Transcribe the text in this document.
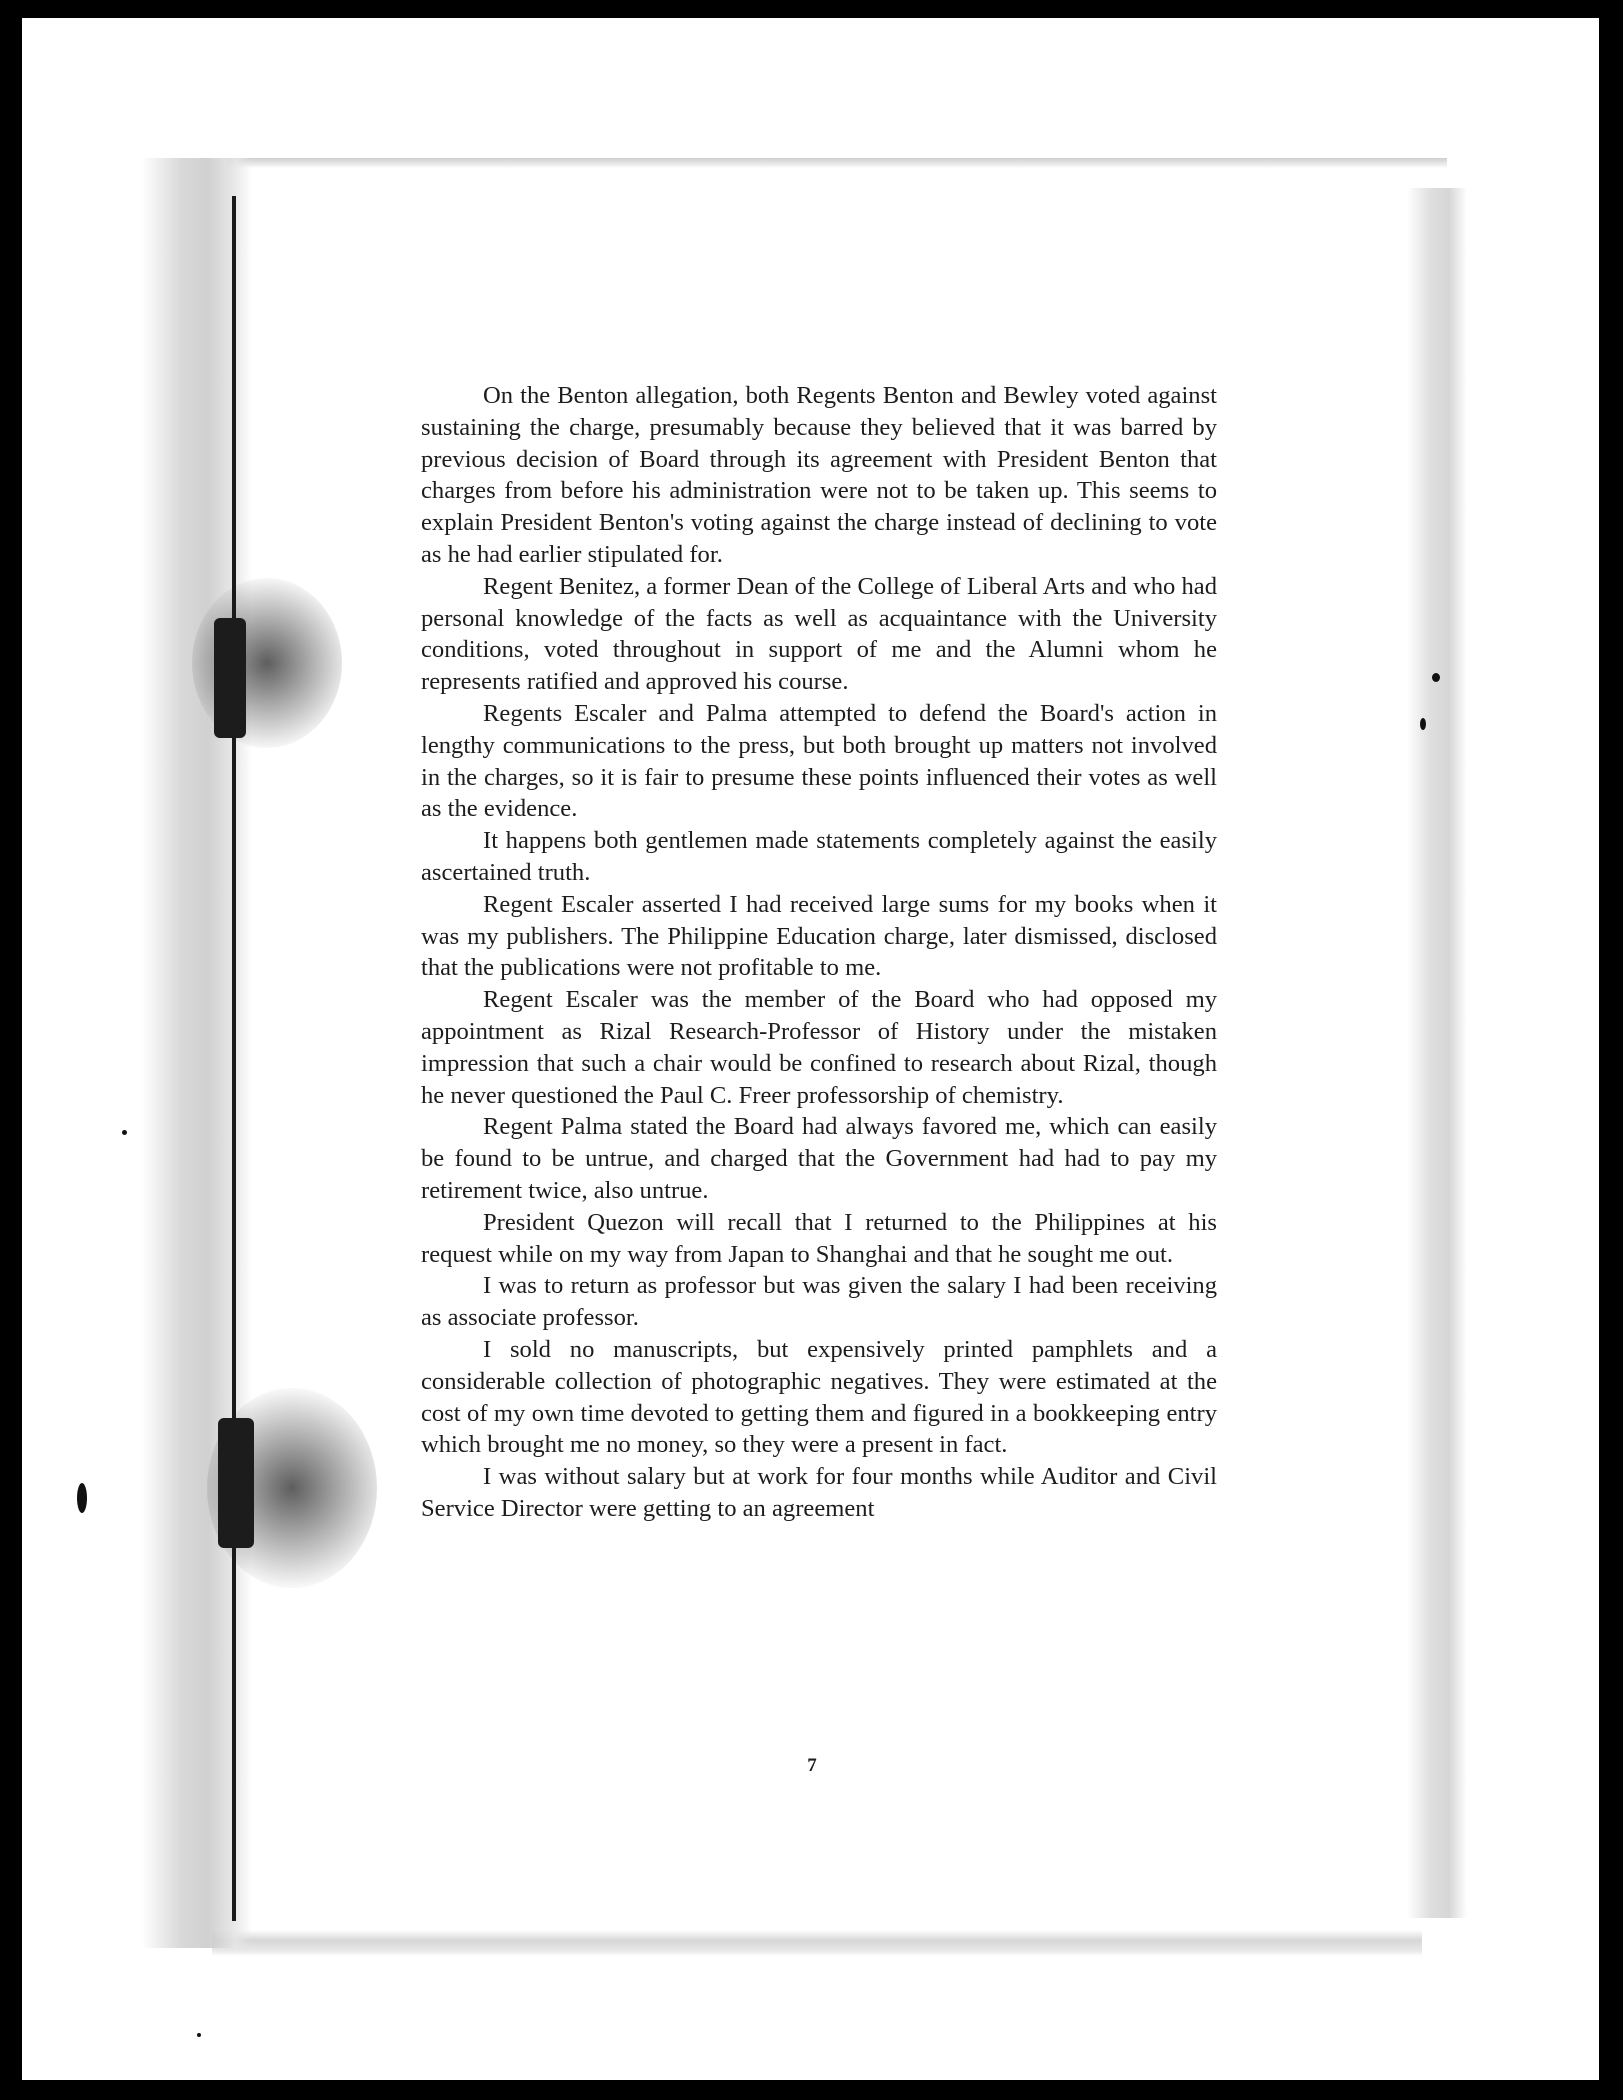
On the Benton allegation, both Regents Benton and Bewley voted against sustaining the charge, presumably because they believed that it was barred by previous decision of Board through its agreement with President Benton that charges from before his administration were not to be taken up. This seems to explain President Benton's voting against the charge instead of declining to vote as he had earlier stipulated for.

Regent Benitez, a former Dean of the College of Liberal Arts and who had personal knowledge of the facts as well as acquaintance with the University conditions, voted throughout in support of me and the Alumni whom he represents ratified and approved his course.

Regents Escaler and Palma attempted to defend the Board's action in lengthy communications to the press, but both brought up matters not involved in the charges, so it is fair to presume these points influenced their votes as well as the evidence.

It happens both gentlemen made statements completely against the easily ascertained truth.

Regent Escaler asserted I had received large sums for my books when it was my publishers. The Philippine Education charge, later dismissed, disclosed that the publications were not profitable to me.

Regent Escaler was the member of the Board who had opposed my appointment as Rizal Research-Professor of History under the mistaken impression that such a chair would be confined to research about Rizal, though he never questioned the Paul C. Freer professorship of chemistry.

Regent Palma stated the Board had always favored me, which can easily be found to be untrue, and charged that the Government had had to pay my retirement twice, also untrue.

President Quezon will recall that I returned to the Philippines at his request while on my way from Japan to Shanghai and that he sought me out.

I was to return as professor but was given the salary I had been receiving as associate professor.

I sold no manuscripts, but expensively printed pamphlets and a considerable collection of photographic negatives. They were estimated at the cost of my own time devoted to getting them and figured in a bookkeeping entry which brought me no money, so they were a present in fact.

I was without salary but at work for four months while Auditor and Civil Service Director were getting to an agreement

7
